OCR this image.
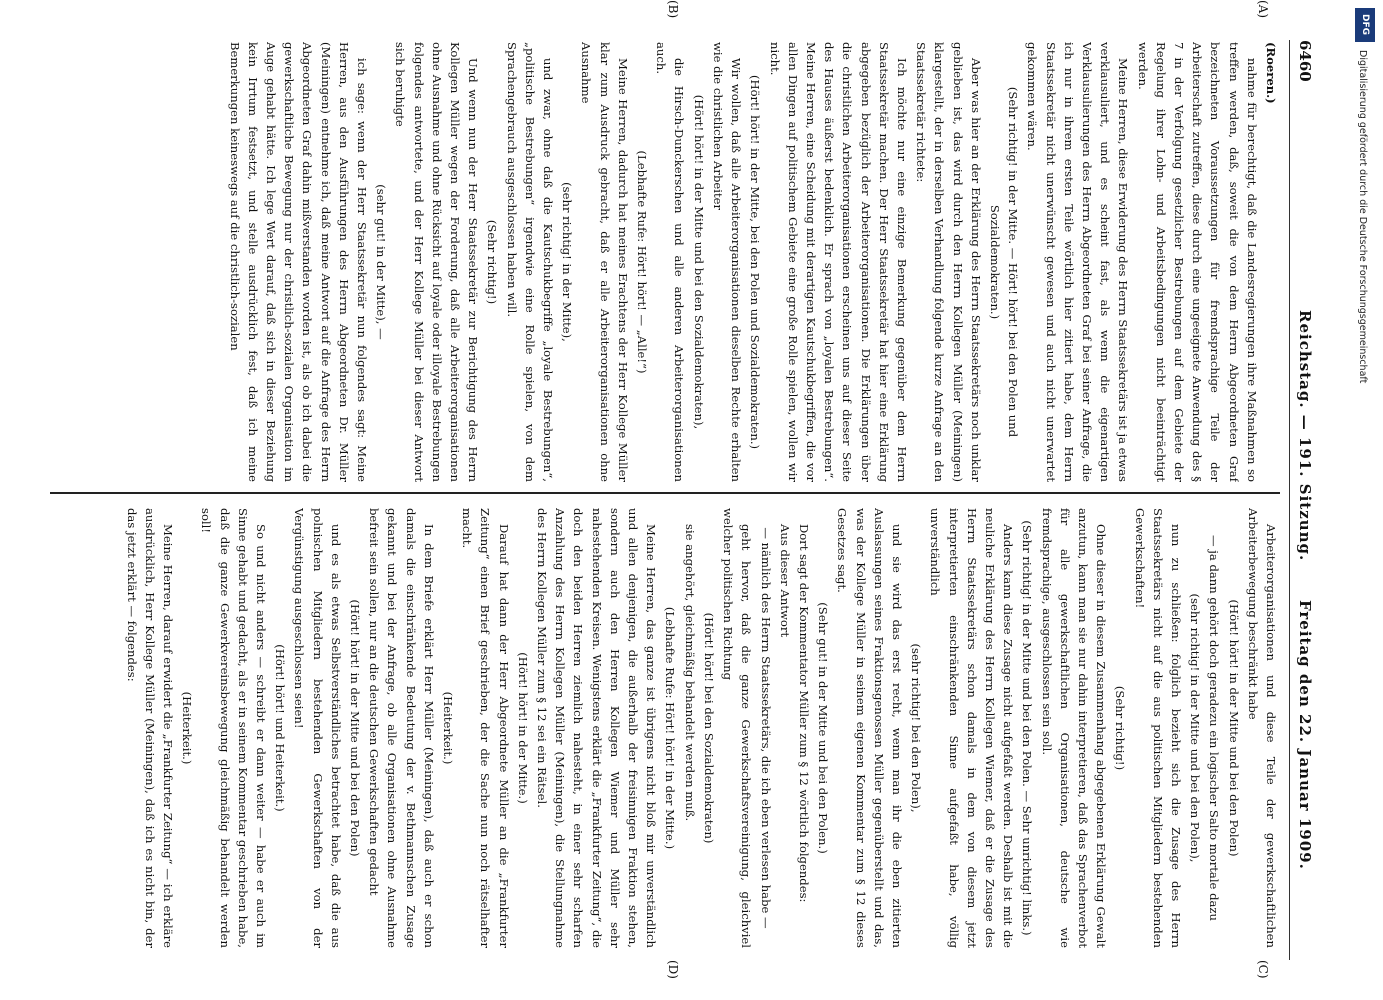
DFG
Digitalisierung gefördert durch die Deutsche Forschungsgemeinschaft
6460
Reichstag. — 191. Sitzung.
Freitag den 22. Januar 1909.

(Roeren.)

nahme für berechtigt, daß die Landesregierungen ihre Maßnahmen so treffen werden, daß, soweit die von dem Herrn Abgeordneten Graf bezeichneten Voraussetzungen für fremdsprachige Teile der Arbeiterschaft zutreffen, diese durch eine ungeeignete Anwendung des § 7 in der Verfolgung gesetzlicher Bestrebungen auf dem Gebiete der Regelung ihrer Lohn- und Arbeitsbedingungen nicht beeinträchtigt werden.

Meine Herren, diese Erwiderung des Herrn Staatssekretärs ist ja etwas verklausuliert, und es scheint fast, als wenn die eigenartigen Verklausulierungen des Herrn Abgeordneten Graf bei seiner Anfrage, die ich nur in ihrem ersten Teile wörtlich hier zitiert habe, dem Herrn Staatssekretär nicht unerwünscht gewesen und auch nicht unerwartet gekommen wären.

(Sehr richtig! in der Mitte. — Hört! hört! bei den Polen und Sozialdemokraten.)

Aber was hier an der Erklärung des Herrn Staatssekretärs noch unklar geblieben ist, das wird durch den Herrn Kollegen Müller (Meiningen) klargestellt, der in derselben Verhandlung folgende kurze Anfrage an den Staatssekretär richtete:

Ich möchte nur eine einzige Bemerkung gegenüber dem Herrn Staatssekretär machen. Der Herr Staatssekretär hat hier eine Erklärung abgegeben bezüglich der Arbeiterorganisationen. Die Erklärungen über die christlichen Arbeiterorganisationen erscheinen uns auf dieser Seite des Hauses äußerst bedenklich. Er sprach von „loyalen Bestrebungen“. Meine Herren, eine Scheidung mit derartigen Kautschukbegriffen, die vor allen Dingen auf politischem Gebiete eine große Rolle spielen, wollen wir nicht.

(Hört! hört! in der Mitte, bei den Polen und Sozialdemokraten.)

Wir wollen, daß alle Arbeiterorganisationen dieselben Rechte erhalten wie die christlichen Arbeiter

(Hört! hört! in der Mitte und bei den Sozialdemokraten),

die Hirsch-Dunckerschen und alle anderen Arbeiterorganisationen auch.

(Lebhafte Rufe: Hört! hört! — „Alle!“)

Meine Herren, dadurch hat meines Erachtens der Herr Kollege Müller klar zum Ausdruck gebracht, daß er alle Arbeiterorganisationen ohne Ausnahme

(sehr richtig! in der Mitte),

und zwar, ohne daß die Kautschukbegriffe „loyale Bestrebungen“, „politische Bestrebungen“ irgendwie eine Rolle spielen, von dem Sprachengebrauch ausgeschlossen haben will.

(Sehr richtig!)

Und wenn nun der Herr Staatssekretär zur Berichtigung des Herrn Kollegen Müller wegen der Forderung, daß alle Arbeiterorganisationen ohne Ausnahme und ohne Rücksicht auf loyale oder illoyale Bestrebungen folgendes antwortete, und der Herr Kollege Müller bei dieser Antwort sich beruhigte

(sehr gut! in der Mitte), —

ich sage: wenn der Herr Staatssekretär nun folgendes sagt: Meine Herren, aus den Ausführungen des Herrn Abgeordneten Dr. Müller (Meiningen) entnehme ich, daß meine Antwort auf die Anfrage des Herrn Abgeordneten Graf dahin mißverstanden worden ist, als ob ich dabei die gewerkschaftliche Bewegung nur der christlich-sozialen Organisation im Auge gehabt hätte. Ich lege Wert darauf, daß sich in dieser Beziehung kein Irrtum festsetzt, und stelle ausdrücklich fest, daß ich meine Bemerkungen keineswegs auf die christlich-sozialen

Arbeiterorganisationen und diese Teile der gewerkschaftlichen Arbeiterbewegung beschränkt habe

(Hört! hört! in der Mitte und bei den Polen)

— ja dann gehört doch geradezu ein logischer Salto mortale dazu

(sehr richtig! in der Mitte und bei den Polen),

nun zu schließen: folglich bezieht sich die Zusage des Herrn Staatssekretärs nicht auf die aus politischen Mitgliedern bestehenden Gewerkschaften!

(Sehr richtig!)

Ohne dieser in diesem Zusammenhang abgegebenen Erklärung Gewalt anzutun, kann man sie nur dahin interpretieren, daß das Sprachenverbot für alle gewerkschaftlichen Organisationen, deutsche wie fremdsprachige, ausgeschlossen sein soll.

(Sehr richtig! in der Mitte und bei den Polen. — Sehr unrichtig! links.)

Anders kann diese Zusage nicht aufgefaßt werden. Deshalb ist mit die neuliche Erklärung des Herrn Kollegen Wiemer, daß er die Zusage des Herrn Staatssekretärs schon damals in dem von diesem jetzt interpretierten einschränkenden Sinne aufgefaßt habe, völlig unverständlich

(sehr richtig! bei den Polen),

und sie wird das erst recht, wenn man ihr die eben zitierten Auslassungen seines Fraktionsgenossen Müller gegenüberstellt und das, was der Kollege Müller in seinem eigenen Kommentar zum § 12 dieses Gesetzes sagt.

(Sehr gut! in der Mitte und bei den Polen.)

Dort sagt der Kommentator Müller zum § 12 wörtlich folgendes:

Aus dieser Antwort

— nämlich des Herrn Staatssekretärs, die ich eben verlesen habe —

geht hervor, daß die ganze Gewerkschaftsvereinigung, gleichviel welcher politischen Richtung

(Hört! hört! bei den Sozialdemokraten)

sie angehört, gleichmäßig behandelt werden muß.

(Lebhafte Rufe: Hört! hört! in der Mitte.)

Meine Herren, das ganze ist übrigens nicht bloß mir unverständlich und allen denjenigen, die außerhalb der freisinnigen Fraktion stehen, sondern auch den Herren Kollegen Wiemer und Müller sehr nahestehenden Kreisen. Wenigstens erklärt die „Frankfurter Zeitung“, die doch den beiden Herren ziemlich nahesteht, in einer sehr scharfen Anzahlung des Herrn Kollegen Müller (Meiningen), die Stellungnahme des Herrn Kollegen Müller zum § 12 sei ein Rätsel.

(Hört! hört! in der Mitte.)

Darauf hat dann der Herr Abgeordnete Müller an die „Frankfurter Zeitung“ einen Brief geschrieben, der die Sache nun noch rätselhafter macht.

(Heiterkeit.)

In dem Briefe erklärt Herr Müller (Meiningen), daß auch er schon damals die einschränkende Bedeutung der v. Bethmannschen Zusage gekannt und bei der Anfrage, ob alle Organisationen ohne Ausnahme befreit sein sollen, nur an die deutschen Gewerkschaften gedacht

(Hört! hört! in der Mitte und bei den Polen)

und es als etwas Selbstverständliches betrachtet habe, daß die aus polnischen Mitgliedern bestehenden Gewerkschaften von der Vergünstigung ausgeschlossen seien!

(Hört! hört! und Heiterkeit.)

So und nicht anders — schreibt er dann weiter — habe er auch im Sinne gehabt und gedacht, als er in seinem Kommentar geschrieben habe, daß die ganze Gewerkvereinsbewegung gleichmäßig behandelt werden soll!

(Heiterkeit.)

Meine Herren, darauf erwidert die „Frankfurter Zeitung“ — ich erkläre ausdrücklich, Herr Kollege Müller (Meiningen), daß ich es nicht bin, der das jetzt erklärt — folgendes:

(A)
(B)
(C)
(D)
